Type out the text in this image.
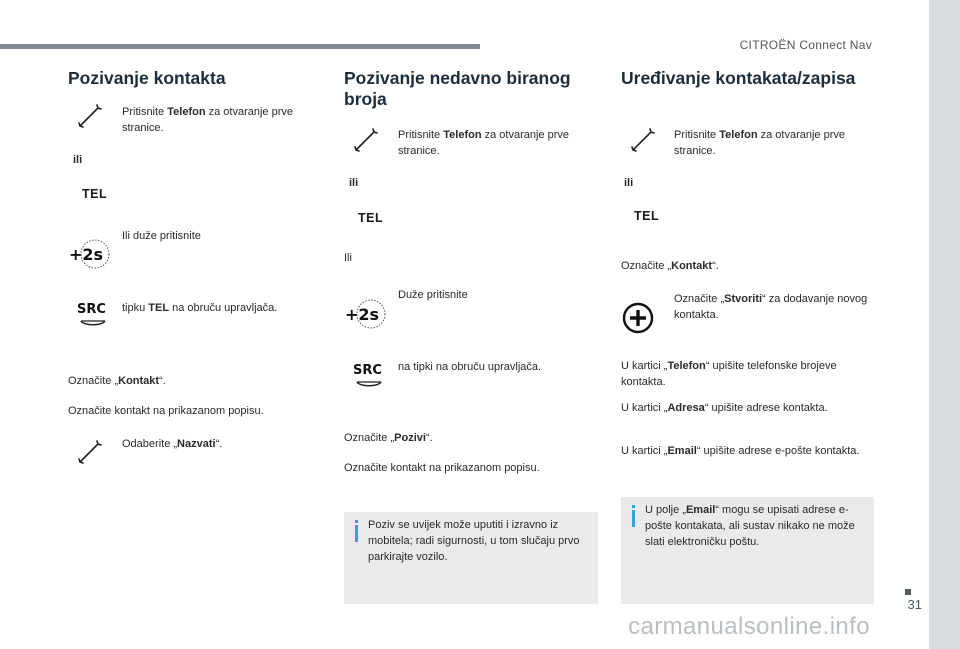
CITROËN Connect Nav
31
carmanualsonline.info
Pozivanje kontakta
Pritisnite Telefon za otvaranje prve stranice.
ili
TEL
+2s
Ili duže pritisnite
SRC tipku TEL na obruču upravljača.
Označite „Kontakt“.
Označite kontakt na prikazanom popisu.
Odaberite „Nazvati“.
Pozivanje nedavno biranog broja
Pritisnite Telefon za otvaranje prve stranice.
ili
TEL
Ili
+2s
Duže pritisnite
SRC na tipki na obruču upravljača.
Označite „Pozivi“.
Označite kontakt na prikazanom popisu.
Poziv se uvijek može uputiti i izravno iz mobitela; radi sigurnosti, u tom slučaju prvo parkirajte vozilo.
Uređivanje kontakata/zapisa
Pritisnite Telefon za otvaranje prve stranice.
ili
TEL
Označite „Kontakt“.
Označite „Stvoriti“ za dodavanje novog kontakta.
U kartici „Telefon“ upišite telefonske brojeve kontakta.
U kartici „Adresa“ upišite adrese kontakta.
U kartici „Email“ upišite adrese e-pošte kontakta.
U polje „Email“ mogu se upisati adrese e-pošte kontakata, ali sustav nikako ne može slati elektroničku poštu.
